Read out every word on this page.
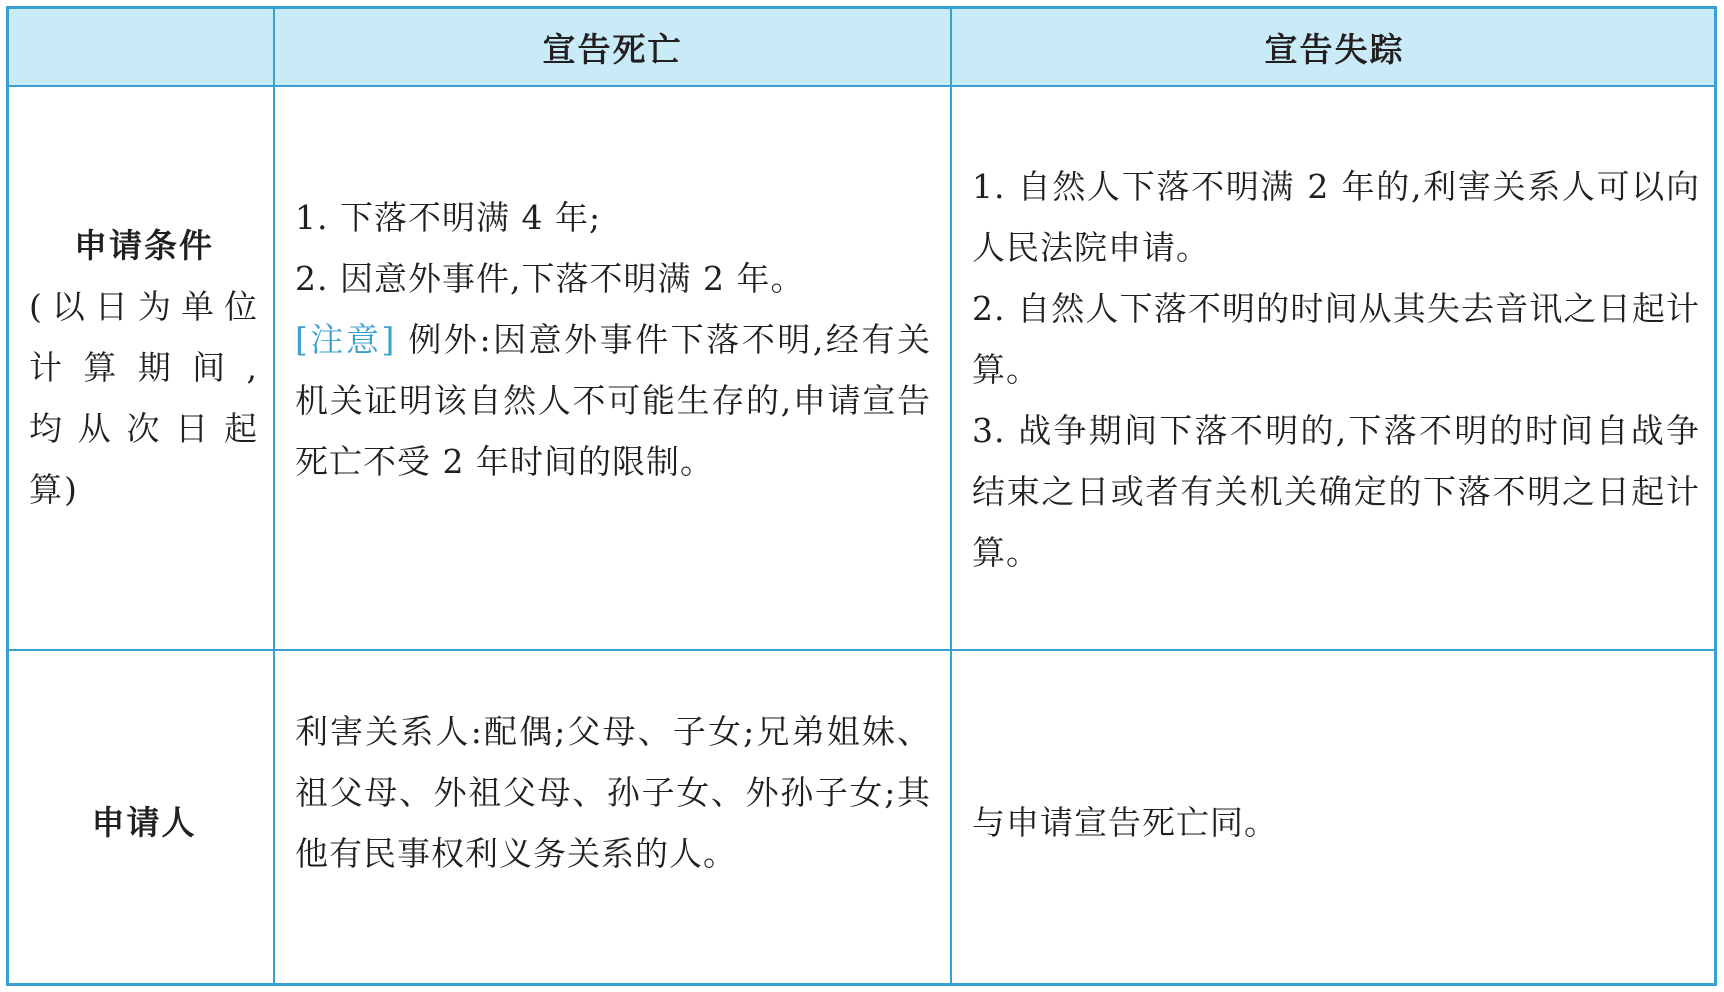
宣告死亡	宣告失踪
申请条件
(以日为单位
计算期间,
均从次日起
算)

1. 下落不明满 4 年;

2. 因意外事件,下落不明满 2 年。

[注意] 例外:因意外事件下落不明,经有关机关证明该自然人不可能生存的,申请宣告死亡不受 2 年时间的限制。

1. 自然人下落不明满 2 年的,利害关系人可以向人民法院申请。

2. 自然人下落不明的时间从其失去音讯之日起计算。

3. 战争期间下落不明的,下落不明的时间自战争结束之日或者有关机关确定的下落不明之日起计算。

申请人

利害关系人:配偶;父母、子女;兄弟姐妹、祖父母、外祖父母、孙子女、外孙子女;其他有民事权利义务关系的人。

与申请宣告死亡同。
